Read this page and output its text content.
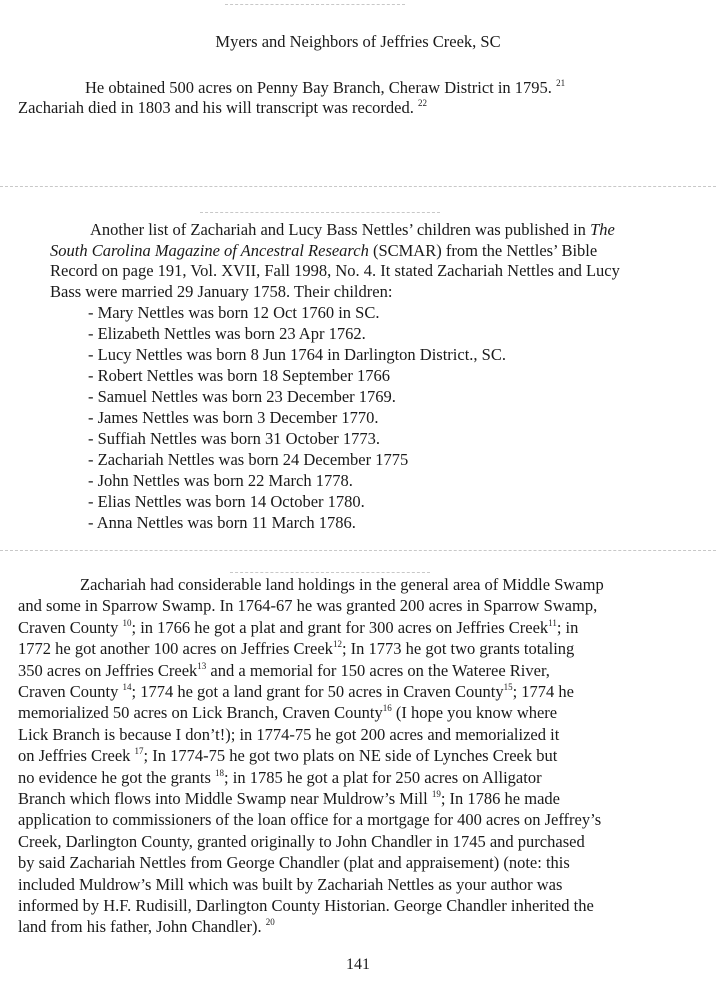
Myers and Neighbors of Jeffries Creek, SC
He obtained 500 acres on Penny Bay Branch, Cheraw District in 1795. $^{21}$
Zachariah died in 1803 and his will transcript was recorded. $^{22}$
Another list of Zachariah and Lucy Bass Nettles’ children was published in The
South Carolina Magazine of Ancestral Research (SCMAR) from the Nettles’ Bible
Record on page 191, Vol. XVII, Fall 1998, No. 4. It stated Zachariah Nettles and Lucy
Bass were married 29 January 1758. Their children:
- Mary Nettles was born 12 Oct 1760 in SC.
- Elizabeth Nettles was born 23 Apr 1762.
- Lucy Nettles was born 8 Jun 1764 in Darlington District., SC.
- Robert Nettles was born 18 September 1766
- Samuel Nettles was born 23 December 1769.
- James Nettles was born 3 December 1770.
- Suffiah Nettles was born 31 October 1773.
- Zachariah Nettles was born 24 December 1775
- John Nettles was born 22 March 1778.
- Elias Nettles was born 14 October 1780.
- Anna Nettles was born 11 March 1786.
Zachariah had considerable land holdings in the general area of Middle Swamp
and some in Sparrow Swamp. In 1764-67 he was granted 200 acres in Sparrow Swamp,
Craven County $^{10}$; in 1766 he got a plat and grant for 300 acres on Jeffries Creek$^{11}$; in
1772 he got another 100 acres on Jeffries Creek$^{12}$; In 1773 he got two grants totaling
350 acres on Jeffries Creek$^{13}$ and a memorial for 150 acres on the Wateree River,
Craven County $^{14}$; 1774 he got a land grant for 50 acres in Craven County$^{15}$; 1774 he
memorialized 50 acres on Lick Branch, Craven County$^{16}$ (I hope you know where
Lick Branch is because I don’t!); in 1774-75 he got 200 acres and memorialized it
on Jeffries Creek $^{17}$; In 1774-75 he got two plats on NE side of Lynches Creek but
no evidence he got the grants $^{18}$; in 1785 he got a plat for 250 acres on Alligator
Branch which flows into Middle Swamp near Muldrow’s Mill $^{19}$; In 1786 he made
application to commissioners of the loan office for a mortgage for 400 acres on Jeffrey’s
Creek, Darlington County, granted originally to John Chandler in 1745 and purchased
by said Zachariah Nettles from George Chandler (plat and appraisement) (note: this
included Muldrow’s Mill which was built by Zachariah Nettles as your author was
informed by H.F. Rudisill, Darlington County Historian. George Chandler inherited the
land from his father, John Chandler). $^{20}$
141
